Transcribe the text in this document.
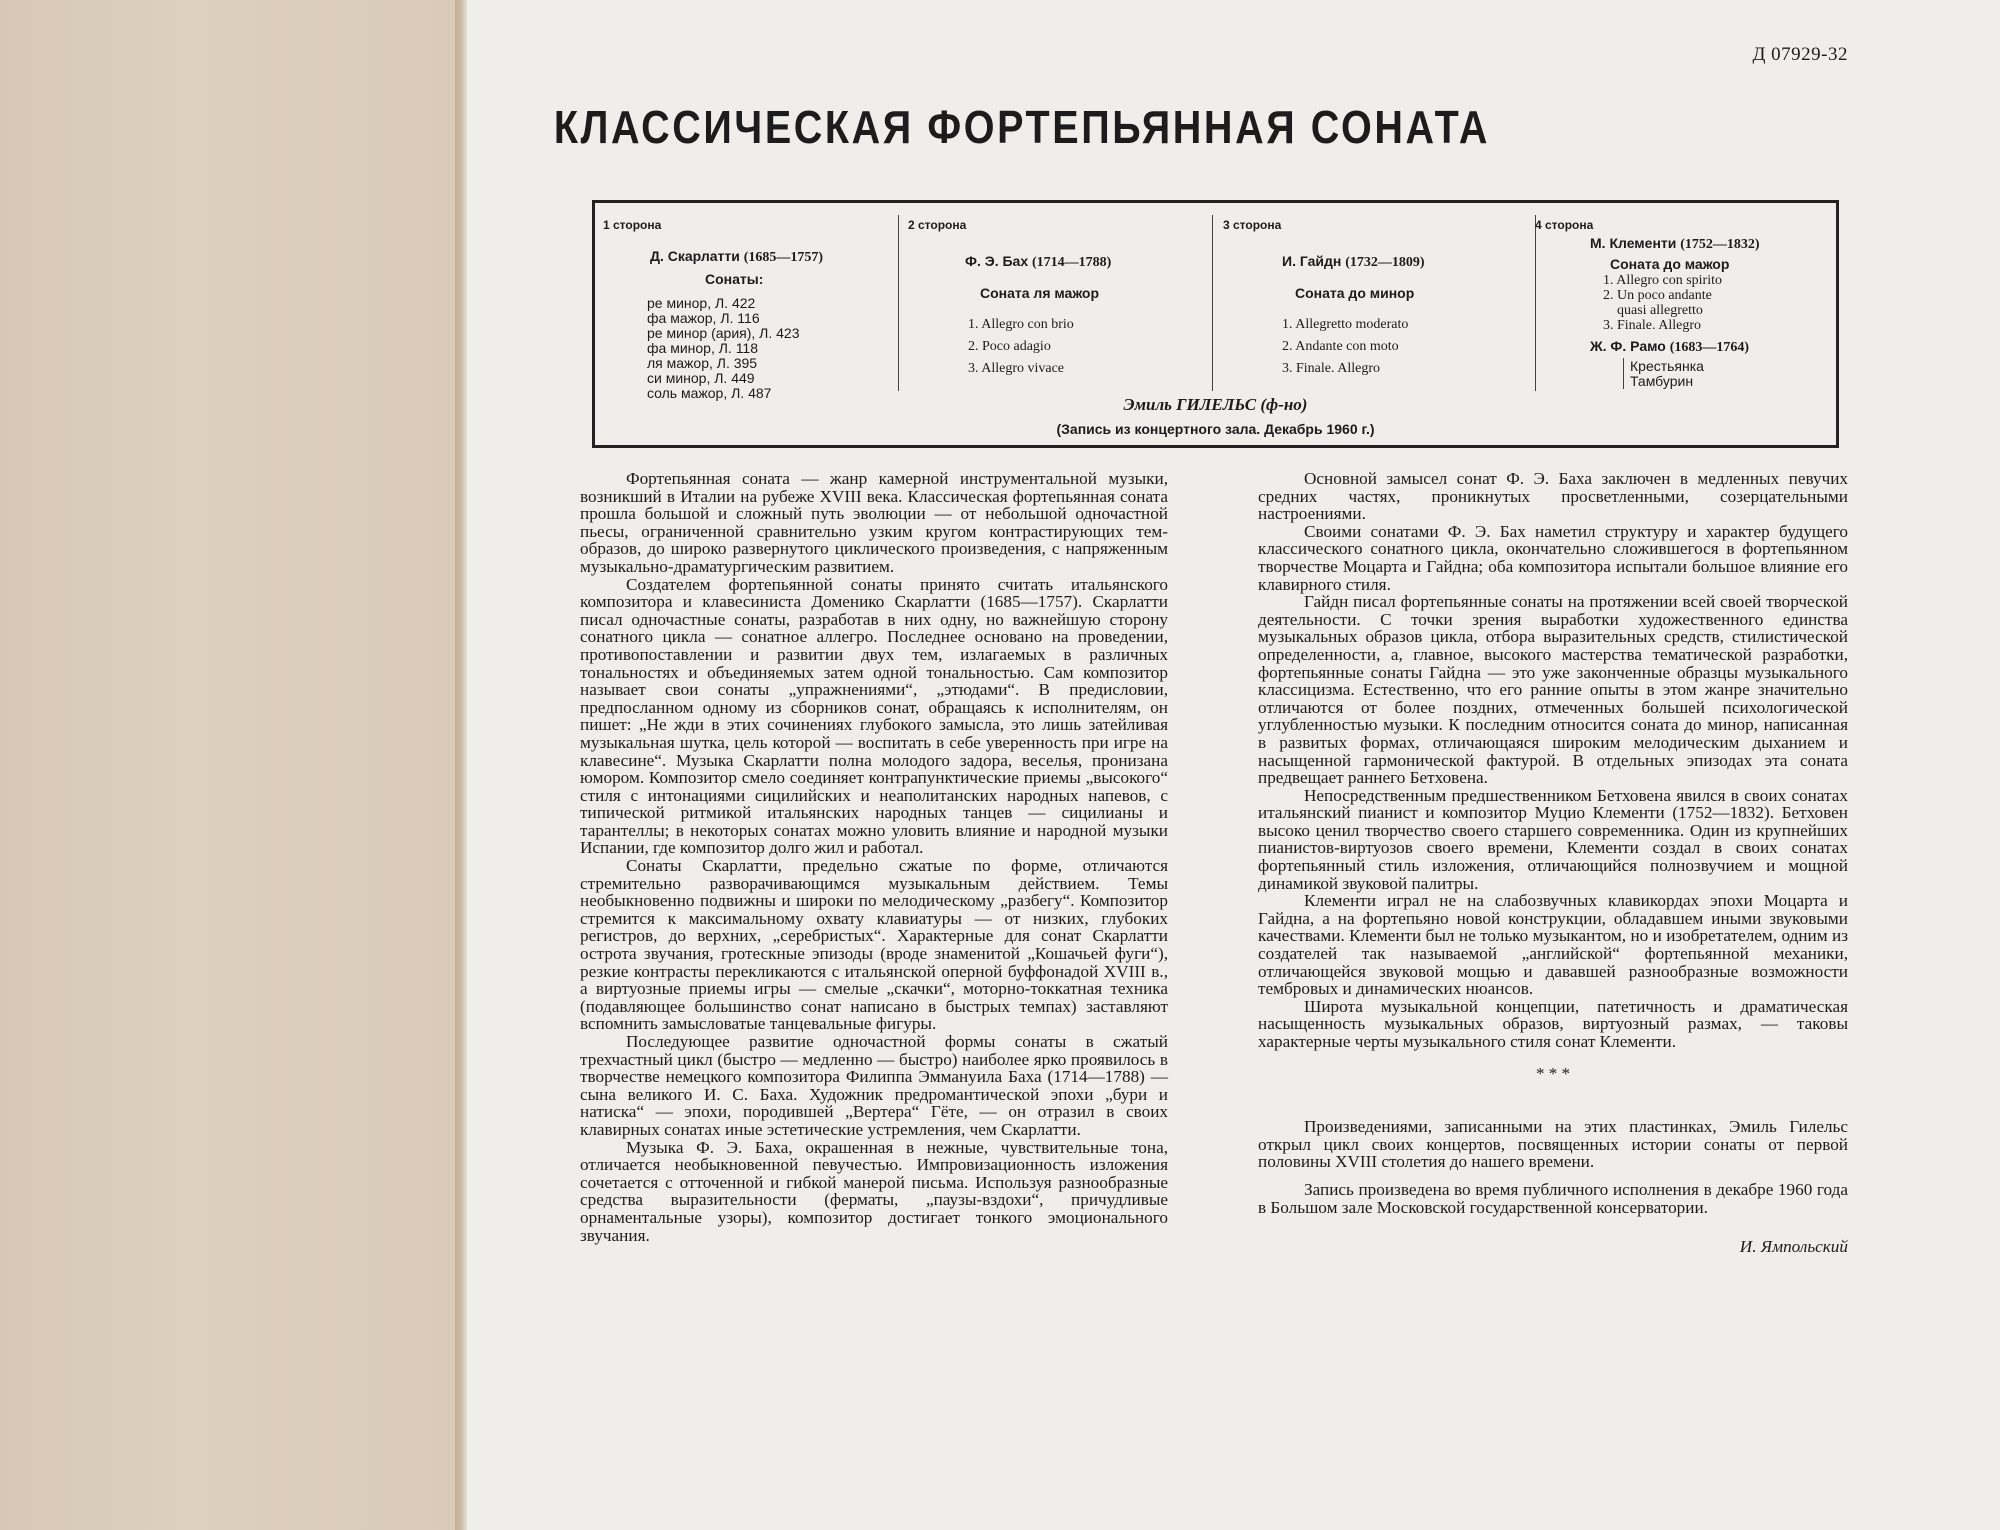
Д 07929-32
КЛАССИЧЕСКАЯ ФОРТЕПЬЯННАЯ СОНАТА
1 сторона
Д. Скарлатти (1685—1757)
Сонаты:
ре минор, Л. 422
фа мажор, Л. 116
ре минор (ария), Л. 423
фа минор, Л. 118
ля мажор, Л. 395
си минор, Л. 449
соль мажор, Л. 487
2 сторона
Ф. Э. Бах (1714—1788)
Соната ля мажор
1. Allegro con brio
2. Poco adagio
3. Allegro vivace
3 сторона
И. Гайдн (1732—1809)
Соната до минор
1. Allegretto moderato
2. Andante con moto
3. Finale. Allegro
4 сторона
М. Клементи (1752—1832)
Соната до мажор
1. Allegro con spirito
2. Un poco andante
quasi allegretto
3. Finale. Allegro
Ж. Ф. Рамо (1683—1764)
Крестьянка
Тамбурин
Эмиль ГИЛЕЛЬС (ф-но)
(Запись из концертного зала. Декабрь 1960 г.)

Фортепьянная соната — жанр камерной инструментальной музыки, возникший в Италии на рубеже XVIII века. Классическая фортепьянная соната прошла большой и сложный путь эволюции — от небольшой одночастной пьесы, ограниченной сравнительно узким кругом контрастирующих тем-образов, до широко развернутого циклического произведения, с напряженным музыкально-драматургическим развитием.

Создателем фортепьянной сонаты принято считать итальянского композитора и клавесиниста Доменико Скарлатти (1685—1757). Скарлатти писал одночастные сонаты, разработав в них одну, но важнейшую сторону сонатного цикла — сонатное аллегро. Последнее основано на проведении, противопоставлении и развитии двух тем, излагаемых в различных тональностях и объединяемых затем одной тональностью. Сам композитор называет свои сонаты „упражнениями“, „этюдами“. В предисловии, предпосланном одному из сборников сонат, обращаясь к исполнителям, он пишет: „Не жди в этих сочинениях глубокого замысла, это лишь затейливая музыкальная шутка, цель которой — воспитать в себе уверенность при игре на клавесине“. Музыка Скарлатти полна молодого задора, веселья, пронизана юмором. Композитор смело соединяет контрапунктические приемы „высокого“ стиля с интонациями сицилийских и неаполитанских народных напевов, с типической ритмикой итальянских народных танцев — сицилианы и тарантеллы; в некоторых сонатах можно уловить влияние и народной музыки Испании, где композитор долго жил и работал.

Сонаты Скарлатти, предельно сжатые по форме, отличаются стремительно разворачивающимся музыкальным действием. Темы необыкновенно подвижны и широки по мелодическому „разбегу“. Композитор стремится к максимальному охвату клавиатуры — от низких, глубоких регистров, до верхних, „серебристых“. Характерные для сонат Скарлатти острота звучания, гротескные эпизоды (вроде знаменитой „Кошачьей фуги“), резкие контрасты перекликаются с итальянской оперной буффонадой XVIII в., а виртуозные приемы игры — смелые „скачки“, моторно-токкатная техника (подавляющее большинство сонат написано в быстрых темпах) заставляют вспомнить замысловатые танцевальные фигуры.

Последующее развитие одночастной формы сонаты в сжатый трехчастный цикл (быстро — медленно — быстро) наиболее ярко проявилось в творчестве немецкого композитора Филиппа Эммануила Баха (1714—1788) — сына великого И. С. Баха. Художник предромантической эпохи „бури и натиска“ — эпохи, породившей „Вертера“ Гёте, — он отразил в своих клавирных сонатах иные эстетические устремления, чем Скарлатти.

Музыка Ф. Э. Баха, окрашенная в нежные, чувствительные тона, отличается необыкновенной певучестью. Импровизационность изложения сочетается с отточенной и гибкой манерой письма. Используя разнообразные средства выразительности (ферматы, „паузы-вздохи“, причудливые орнаментальные узоры), композитор достигает тонкого эмоционального звучания.

Основной замысел сонат Ф. Э. Баха заключен в медленных певучих средних частях, проникнутых просветленными, созерцательными настроениями.

Своими сонатами Ф. Э. Бах наметил структуру и характер будущего классического сонатного цикла, окончательно сложившегося в фортепьянном творчестве Моцарта и Гайдна; оба композитора испытали большое влияние его клавирного стиля.

Гайдн писал фортепьянные сонаты на протяжении всей своей творческой деятельности. С точки зрения выработки художественного единства музыкальных образов цикла, отбора выразительных средств, стилистической определенности, а, главное, высокого мастерства тематической разработки, фортепьянные сонаты Гайдна — это уже законченные образцы музыкального классицизма. Естественно, что его ранние опыты в этом жанре значительно отличаются от более поздних, отмеченных большей психологической углубленностью музыки. К последним относится соната до минор, написанная в развитых формах, отличающаяся широким мелодическим дыханием и насыщенной гармонической фактурой. В отдельных эпизодах эта соната предвещает раннего Бетховена.

Непосредственным предшественником Бетховена явился в своих сонатах итальянский пианист и композитор Муцио Клементи (1752—1832). Бетховен высоко ценил творчество своего старшего современника. Один из крупнейших пианистов-виртуозов своего времени, Клементи создал в своих сонатах фортепьянный стиль изложения, отличающийся полнозвучием и мощной динамикой звуковой палитры.

Клементи играл не на слабозвучных клавикордах эпохи Моцарта и Гайдна, а на фортепьяно новой конструкции, обладавшем иными звуковыми качествами. Клементи был не только музыкантом, но и изобретателем, одним из создателей так называемой „английской“ фортепьянной механики, отличающейся звуковой мощью и дававшей разнообразные возможности тембровых и динамических нюансов.

Широта музыкальной концепции, патетичность и драматическая насыщенность музыкальных образов, виртуозный размах, — таковы характерные черты музыкального стиля сонат Клементи.

* * *

Произведениями, записанными на этих пластинках, Эмиль Гилельс открыл цикл своих концертов, посвященных истории сонаты от первой половины XVIII столетия до нашего времени.

Запись произведена во время публичного исполнения в декабре 1960 года в Большом зале Московской государственной консерватории.

И. Ямпольский
